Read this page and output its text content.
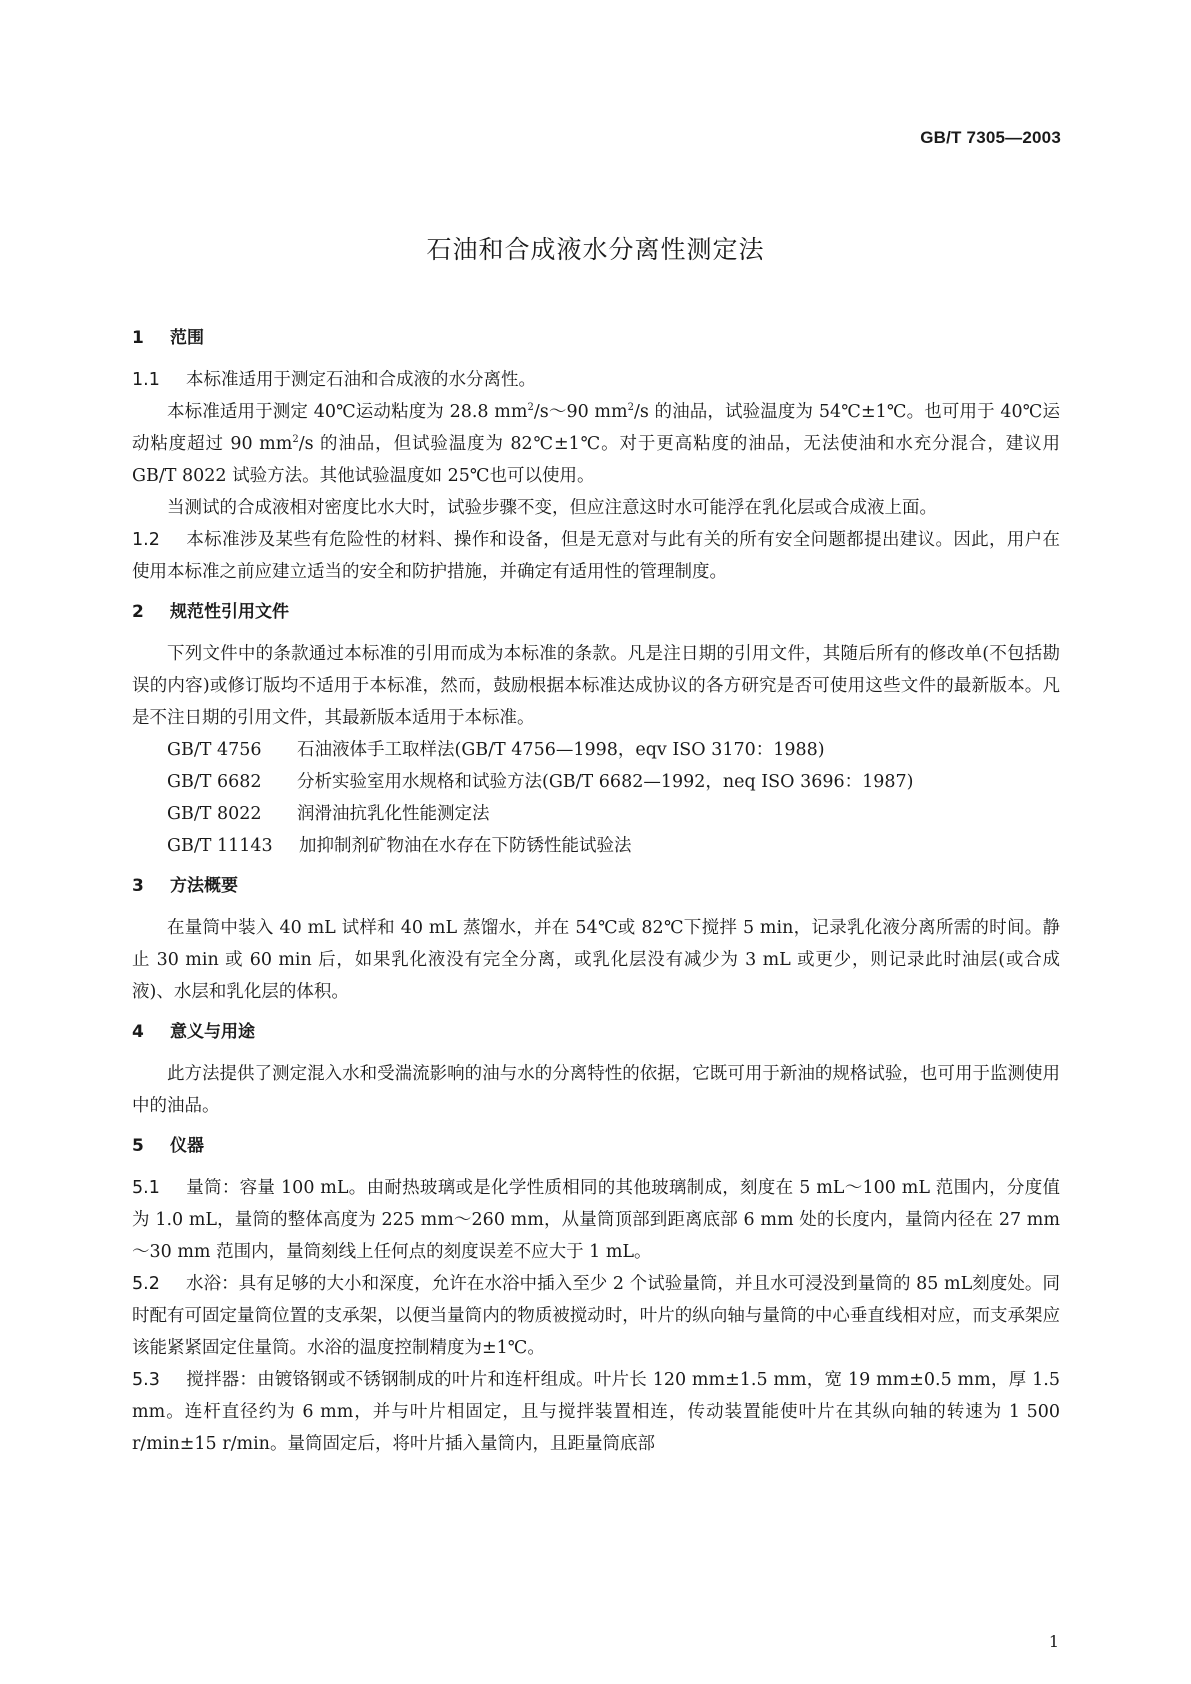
GB/T 7305—2003
石油和合成液水分离性测定法
1 范围

1.1 本标准适用于测定石油和合成液的水分离性。

本标准适用于测定 40℃运动粘度为 28.8 $mm^2/s\sim 90$ $mm^2/s$ 的油品，试验温度为 54℃±1℃。也可用于 40℃运动粘度超过 90 $mm^2/s$ 的油品，但试验温度为 82℃±1℃。对于更高粘度的油品，无法使油和水充分混合，建议用 GB/T 8022 试验方法。其他试验温度如 25℃也可以使用。

当测试的合成液相对密度比水大时，试验步骤不变，但应注意这时水可能浮在乳化层或合成液上面。

1.2 本标准涉及某些有危险性的材料、操作和设备，但是无意对与此有关的所有安全问题都提出建议。因此，用户在使用本标准之前应建立适当的安全和防护措施，并确定有适用性的管理制度。

2 规范性引用文件

下列文件中的条款通过本标准的引用而成为本标准的条款。凡是注日期的引用文件，其随后所有的修改单(不包括勘误的内容)或修订版均不适用于本标准，然而，鼓励根据本标准达成协议的各方研究是否可使用这些文件的最新版本。凡是不注日期的引用文件，其最新版本适用于本标准。

GB/T 4756 石油液体手工取样法(GB/T 4756—1998，eqv ISO 3170：1988)

GB/T 6682 分析实验室用水规格和试验方法(GB/T 6682—1992，neq ISO 3696：1987)

GB/T 8022 润滑油抗乳化性能测定法

GB/T 11143 加抑制剂矿物油在水存在下防锈性能试验法

3 方法概要

在量筒中装入 40 mL 试样和 40 mL 蒸馏水，并在 54℃或 82℃下搅拌 5 min，记录乳化液分离所需的时间。静止 30 min 或 60 min 后，如果乳化液没有完全分离，或乳化层没有减少为 3 mL 或更少，则记录此时油层(或合成液)、水层和乳化层的体积。

4 意义与用途

此方法提供了测定混入水和受湍流影响的油与水的分离特性的依据，它既可用于新油的规格试验，也可用于监测使用中的油品。

5 仪器

5.1 量筒：容量 100 mL。由耐热玻璃或是化学性质相同的其他玻璃制成，刻度在 5 mL～100 mL 范围内，分度值为 1.0 mL，量筒的整体高度为 225 mm～260 mm，从量筒顶部到距离底部 6 mm 处的长度内，量筒内径在 27 mm～30 mm 范围内，量筒刻线上任何点的刻度误差不应大于 1 mL。

5.2 水浴：具有足够的大小和深度，允许在水浴中插入至少 2 个试验量筒，并且水可浸没到量筒的 85 mL刻度处。同时配有可固定量筒位置的支承架，以便当量筒内的物质被搅动时，叶片的纵向轴与量筒的中心垂直线相对应，而支承架应该能紧紧固定住量筒。水浴的温度控制精度为±1℃。

5.3 搅拌器：由镀铬钢或不锈钢制成的叶片和连杆组成。叶片长 120 mm±1.5 mm，宽 19 mm±0.5 mm，厚 1.5 mm。连杆直径约为 6 mm，并与叶片相固定，且与搅拌装置相连，传动装置能使叶片在其纵向轴的转速为 1 500 r/min±15 r/min。量筒固定后，将叶片插入量筒内，且距量筒底部

1
